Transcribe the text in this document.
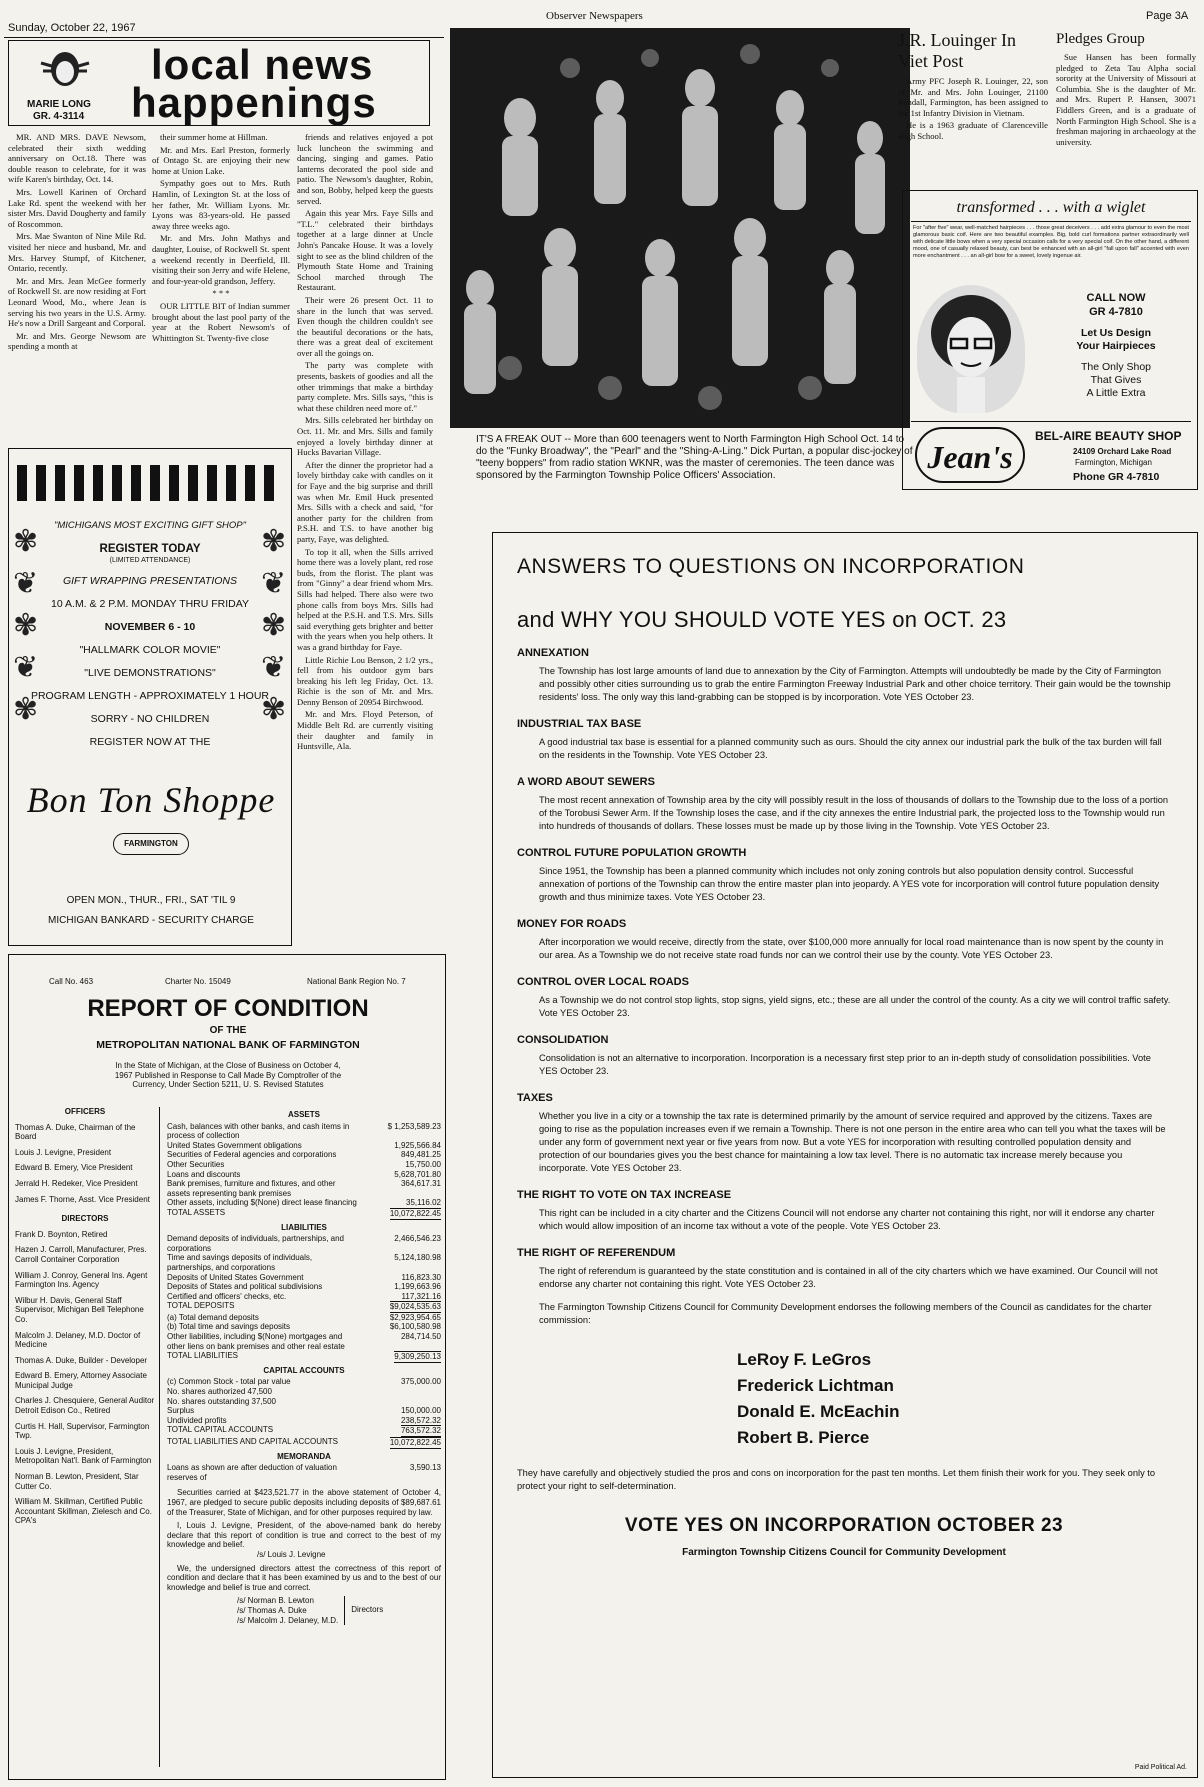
Sunday, October 22, 1967
Observer Newspapers	Page 3A
MARIE LONG
GR. 4-3114
local news
happenings

MR. AND MRS. DAVE Newsom, celebrated their sixth wedding anniversary on Oct.18. There was double reason to celebrate, for it was wife Karen's birthday, Oct. 14.

Mrs. Lowell Karinen of Orchard Lake Rd. spent the weekend with her sister Mrs. David Dougherty and family of Roscommon.

Mrs. Mae Swanton of Nine Mile Rd. visited her niece and husband, Mr. and Mrs. Harvey Stumpf, of Kitchener, Ontario, recently.

Mr. and Mrs. Jean McGee formerly of Rockwell St. are now residing at Fort Leonard Wood, Mo., where Jean is serving his two years in the U.S. Army. He's now a Drill Sargeant and Corporal.

Mr. and Mrs. George Newsom are spending a month at

their summer home at Hillman.

Mr. and Mrs. Earl Preston, formerly of Ontago St. are enjoying their new home at Union Lake.

Sympathy goes out to Mrs. Ruth Hamlin, of Lexington St. at the loss of her father, Mr. William Lyons. Mr. Lyons was 83-years-old. He passed away three weeks ago.

Mr. and Mrs. John Mathys and daughter, Louise, of Rockwell St. spent a weekend recently in Deerfield, Ill. visiting their son Jerry and wife Helene, and four-year-old grandson, Jeffery.

* * *

OUR LITTLE BIT of Indian summer brought about the last pool party of the year at the Robert Newsom's of Whittington St. Twenty-five close

friends and relatives enjoyed a pot luck luncheon the swimming and dancing, singing and games. Patio lanterns decorated the pool side and patio. The Newsom's daughter, Robin, and son, Bobby, helped keep the guests served.

Again this year Mrs. Faye Sills and "T.L." celebrated their birthdays together at a large dinner at Uncle John's Pancake House. It was a lovely sight to see as the blind children of the Plymouth State Home and Training School marched through The Restaurant.

Their were 26 present Oct. 11 to share in the lunch that was served. Even though the children couldn't see the beautiful decorations or the hats, there was a great deal of excitement over all the goings on.

The party was complete with presents, baskets of goodies and all the other trimmings that make a birthday party complete. Mrs. Sills says, "this is what these children need more of."

Mrs. Sills celebrated her birthday on Oct. 11. Mr. and Mrs. Sills and family enjoyed a lovely birthday dinner at Hucks Bavarian Village.

After the dinner the proprietor had a lovely birthday cake with candles on it for Faye and the big surprise and thrill was when Mr. Emil Huck presented Mrs. Sills with a check and said, "for another party for the children from P.S.H. and T.S. to have another big party, Faye, was delighted.

To top it all, when the Sills arrived home there was a lovely plant, red rose buds, from the florist. The plant was from "Ginny" a dear friend whom Mrs. Sills had helped. There also were two phone calls from boys Mrs. Sills had helped at the P.S.H. and T.S. Mrs. Sills said everything gets brighter and better with the years when you help others. It was a grand birthday for Faye.

Little Richie Lou Benson, 2 1/2 yrs., fell from his outdoor gym bars breaking his left leg Friday, Oct. 13. Richie is the son of Mr. and Mrs. Denny Benson of 20954 Birchwood.

Mr. and Mrs. Floyd Peterson, of Middle Belt Rd. are currently visiting their daughter and family in Huntsville, Ala.

"MICHIGANS MOST EXCITING GIFT SHOP"

REGISTER TODAY

(LIMITED ATTENDANCE)

GIFT WRAPPING PRESENTATIONS

10 A.M. & 2 P.M. MONDAY THRU FRIDAY

NOVEMBER 6 - 10

"HALLMARK COLOR MOVIE"

"LIVE DEMONSTRATIONS"

PROGRAM LENGTH - APPROXIMATELY 1 HOUR

SORRY - NO CHILDREN

REGISTER NOW AT THE

✾
❦
✾
❦
✾
✾
❦
✾
❦
✾
Bon Ton Shoppe
FARMINGTON
OPEN MON., THUR., FRI., SAT 'TIL 9
MICHIGAN BANKARD - SECURITY CHARGE
Call No. 463	Charter No. 15049	National Bank Region No. 7
REPORT OF CONDITION
OF THE
METROPOLITAN NATIONAL BANK OF FARMINGTON
In the State of Michigan, at the Close of Business on October 4, 1967 Published in Response to Call Made By Comptroller of the Currency, Under Section 5211, U. S. Revised Statutes
OFFICERS
Thomas A. Duke, Chairman of the Board
Louis J. Levigne, President
Edward B. Emery, Vice President
Jerrald H. Redeker, Vice President
James F. Thorne, Asst. Vice President
DIRECTORS
Frank D. Boynton, Retired
Hazen J. Carroll, Manufacturer, Pres. Carroll Container Corporation
William J. Conroy, General Ins. Agent Farmington Ins. Agency
Wilbur H. Davis, General Staff Supervisor, Michigan Bell Telephone Co.
Malcolm J. Delaney, M.D. Doctor of Medicine
Thomas A. Duke, Builder - Developer
Edward B. Emery, Attorney Associate Municipal Judge
Charles J. Chesquiere, General Auditor Detroit Edison Co., Retired
Curtis H. Hall, Supervisor, Farmington Twp.
Louis J. Levigne, President, Metropolitan Nat'l. Bank of Farmington
Norman B. Lewton, President, Star Cutter Co.
William M. Skillman, Certified Public Accountant Skillman, Zielesch and Co. CPA's
ASSETS
Cash, balances with other banks, and cash items in process of collection
$ 1,253,589.23
United States Government obligations	1,925,566.84
Securities of Federal agencies and corporations	849,481.25
Other Securities	15,750.00
Loans and discounts	5,628,701.80
Bank premises, furniture and fixtures, and other assets representing bank premises
364,617.31
Other assets, including $(None) direct lease financing	35,116.02
TOTAL ASSETS	10,072,822.45
LIABILITIES
Demand deposits of individuals, partnerships, and corporations
2,466,546.23
Time and savings deposits of individuals, partnerships, and corporations
5,124,180.98
Deposits of United States Government	116,823.30
Deposits of States and political subdivisions	1,199,663.96
Certified and officers' checks, etc.	117,321.16
TOTAL DEPOSITS	$9,024,535.63
(a) Total demand deposits	$2,923,954.65
(b) Total time and savings deposits	$6,100,580.98
Other liabilities, including $(None) mortgages and other liens on bank premises and other real estate
284,714.50
TOTAL LIABILITIES	9,309,250.13
CAPITAL ACCOUNTS
(c) Common Stock - total par value	375,000.00
No. shares authorized 47,500
No. shares outstanding 37,500
Surplus	150,000.00
Undivided profits	238,572.32
TOTAL CAPITAL ACCOUNTS	763,572.32
TOTAL LIABILITIES AND CAPITAL ACCOUNTS	10,072,822.45
MEMORANDA
Loans as shown are after deduction of valuation reserves of
3,590.13
Securities carried at $423,521.77 in the above statement of October 4, 1967, are pledged to secure public deposits including deposits of $89,687.61 of the Treasurer, State of Michigan, and for other purposes required by law.
I, Louis J. Levigne, President, of the above-named bank do hereby declare that this report of condition is true and correct to the best of my knowledge and belief.
/s/ Louis J. Levigne
We, the undersigned directors attest the correctness of this report of condition and declare that it has been examined by us and to the best of our knowledge and belief is true and correct.
/s/ Norman B. Lewton
/s/ Thomas A. Duke
/s/ Malcolm J. Delaney, M.D.
Directors
IT'S A FREAK OUT -- More than 600 teenagers went to North Farmington High School Oct. 14 to do the "Funky Broadway", the "Pearl" and the "Shing-A-Ling." Dick Purtan, a popular disc-jockey of "teeny boppers" from radio station WKNR, was the master of ceremonies. The teen dance was sponsored by the Farmington Township Police Officers' Association.
J.R. Louinger In Viet Post

Army PFC Joseph R. Louinger, 22, son of Mr. and Mrs. John Louinger, 21100 Randall, Farmington, has been assigned to the 1st Infantry Division in Vietnam.

He is a 1963 graduate of Clarenceville High School.

Pledges Group

Sue Hansen has been formally pledged to Zeta Tau Alpha social sorority at the University of Missouri at Columbia. She is the daughter of Mr. and Mrs. Rupert P. Hansen, 30071 Fiddlers Green, and is a graduate of North Farmington High School. She is a freshman majoring in archaeology at the university.

transformed . . . with a wiglet
For "after five" wear, well-matched hairpieces . . . those great deceivers . . . add extra glamour to even the most glamorous basic coif. Here are two beautiful examples. Big, bold curl formations partner extraordinarily well with delicate little bows when a very special occasion calls for a very special coif. On the other hand, a different mood, one of casually relaxed beauty, can best be enhanced with an all-girl "fall upon fall" accented with even more enchantment . . . an all-girl bow for a sweet, lovely ingenue air.
CALL NOW
GR 4-7810
Let Us Design
Your Hairpieces
The Only Shop
That Gives
A Little Extra
Jean's
BEL-AIRE BEAUTY SHOP
24109 Orchard Lake Road
Farmington, Michigan
Phone GR 4-7810
ANSWERS TO QUESTIONS ON INCORPORATION
and WHY YOU SHOULD VOTE YES on OCT. 23
ANNEXATION

The Township has lost large amounts of land due to annexation by the City of Farmington. Attempts will undoubtedly be made by the City of Farmington and possibly other cities surrounding us to grab the entire Farmington Freeway Industrial Park and other choice territory. Their gain would be the township residents' loss. The only way this land-grabbing can be stopped is by incorporation. Vote YES October 23.

INDUSTRIAL TAX BASE

A good industrial tax base is essential for a planned community such as ours. Should the city annex our industrial park the bulk of the tax burden will fall on the residents in the Township. Vote YES October 23.

A WORD ABOUT SEWERS

The most recent annexation of Township area by the city will possibly result in the loss of thousands of dollars to the Township due to the loss of a portion of the Torobusi Sewer Arm. If the Township loses the case, and if the city annexes the entire Industrial park, the projected loss to the Township would run into hundreds of thousands of dollars. These losses must be made up by those living in the Township. Vote YES October 23.

CONTROL FUTURE POPULATION GROWTH

Since 1951, the Township has been a planned community which includes not only zoning controls but also population density control. Successful annexation of portions of the Township can throw the entire master plan into jeopardy. A YES vote for incorporation will control future population density growth and thus minimize taxes. Vote YES October 23.

MONEY FOR ROADS

After incorporation we would receive, directly from the state, over $100,000 more annually for local road maintenance than is now spent by the county in our area. As a Township we do not receive state road funds nor can we control their use by the county. Vote YES October 23.

CONTROL OVER LOCAL ROADS

As a Township we do not control stop lights, stop signs, yield signs, etc.; these are all under the control of the county. As a city we will control traffic safety. Vote YES October 23.

CONSOLIDATION

Consolidation is not an alternative to incorporation. Incorporation is a necessary first step prior to an in-depth study of consolidation possibilities. Vote YES October 23.

TAXES

Whether you live in a city or a township the tax rate is determined primarily by the amount of service required and approved by the citizens. Taxes are going to rise as the population increases even if we remain a Township. There is not one person in the entire area who can tell you what the taxes will be under any form of government next year or five years from now. But a vote YES for incorporation with resulting controlled population density and protection of our boundaries gives you the best chance for maintaining a low tax level. There is no automatic tax increase merely because you incorporate. Vote YES October 23.

THE RIGHT TO VOTE ON TAX INCREASE

This right can be included in a city charter and the Citizens Council will not endorse any charter not containing this right, nor will it endorse any charter which would allow imposition of an income tax without a vote of the people. Vote YES October 23.

THE RIGHT OF REFERENDUM

The right of referendum is guaranteed by the state constitution and is contained in all of the city charters which we have examined. Our Council will not endorse any charter not containing this right. Vote YES October 23.

The Farmington Township Citizens Council for Community Development endorses the following members of the Council as candidates for the charter commission:

LeRoy F. LeGros
Frederick Lichtman
Donald E. McEachin
Robert B. Pierce

They have carefully and objectively studied the pros and cons on incorporation for the past ten months. Let them finish their work for you. They seek only to protect your right to self-determination.

VOTE YES ON INCORPORATION OCTOBER 23
Farmington Township Citizens Council for Community Development
Paid Political Ad.
